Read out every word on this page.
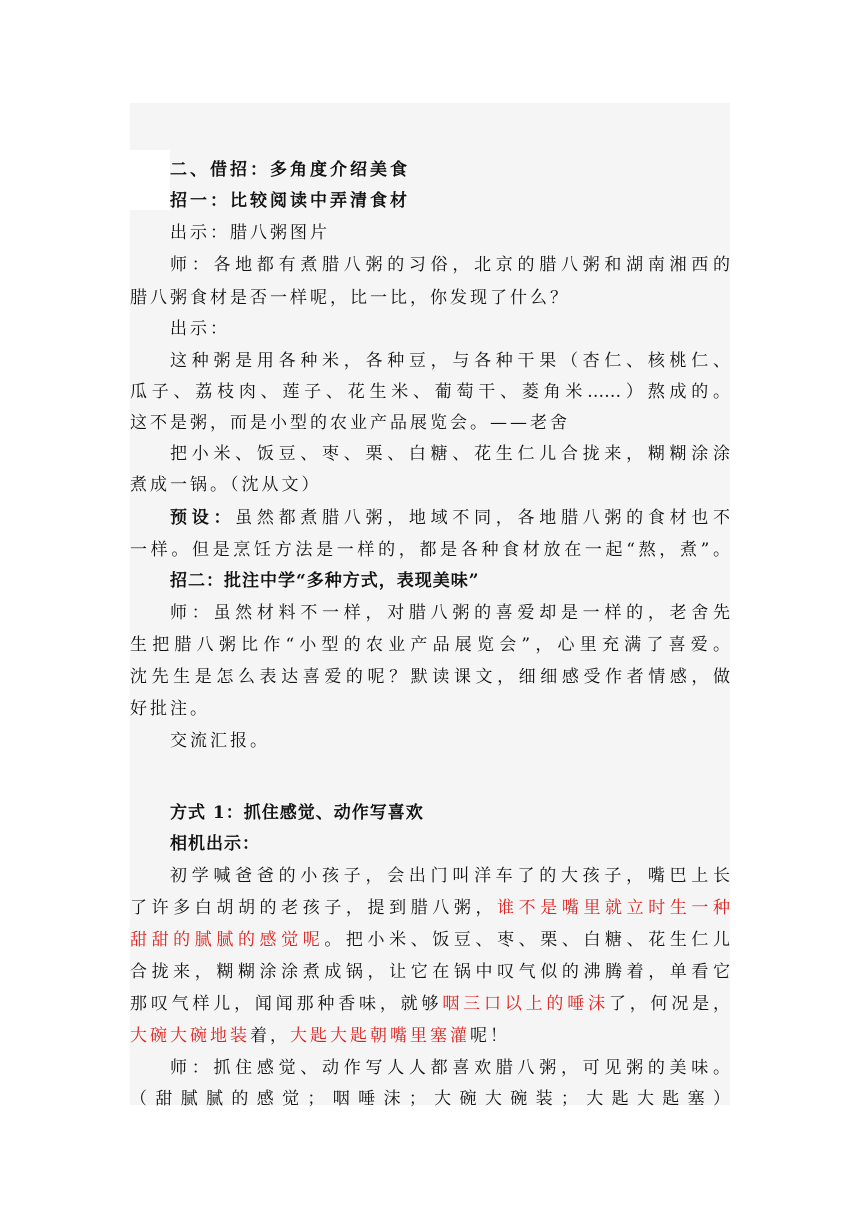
二、借招：多角度介绍美食
招一：比较阅读中弄清食材
出示：腊八粥图片
师：各地都有煮腊八粥的习俗，北京的腊八粥和湖南湘西的
腊八粥食材是否一样呢，比一比，你发现了什么？
出示：
这种粥是用各种米，各种豆，与各种干果（杏仁、核桃仁、
瓜子、荔枝肉、莲子、花生米、葡萄干、菱角米……）熬成的。
这不是粥，而是小型的农业产品展览会。——老舍
把小米、饭豆、枣、栗、白糖、花生仁儿合拢来，糊糊涂涂
煮成一锅。（沈从文）
预设：虽然都煮腊八粥，地域不同，各地腊八粥的食材也不
一样。但是烹饪方法是一样的，都是各种食材放在一起“熬，煮”。
招二：批注中学“多种方式，表现美味”
师：虽然材料不一样，对腊八粥的喜爱却是一样的，老舍先
生把腊八粥比作“小型的农业产品展览会”，心里充满了喜爱。
沈先生是怎么表达喜爱的呢？默读课文，细细感受作者情感，做
好批注。
交流汇报。
方式 1：抓住感觉、动作写喜欢
相机出示：
初学喊爸爸的小孩子，会出门叫洋车了的大孩子，嘴巴上长
了许多白胡胡的老孩子，提到腊八粥，谁不是嘴里就立时生一种
甜甜的腻腻的感觉呢。把小米、饭豆、枣、栗、白糖、花生仁儿
合拢来，糊糊涂涂煮成锅，让它在锅中叹气似的沸腾着，单看它
那叹气样儿，闻闻那种香味，就够咽三口以上的唾沫了，何况是，
大碗大碗地装着，大匙大匙朝嘴里塞灌呢！
师：抓住感觉、动作写人人都喜欢腊八粥，可见粥的美味。
（甜腻腻的感觉；咽唾沫；大碗大碗装；大匙大匙塞）
